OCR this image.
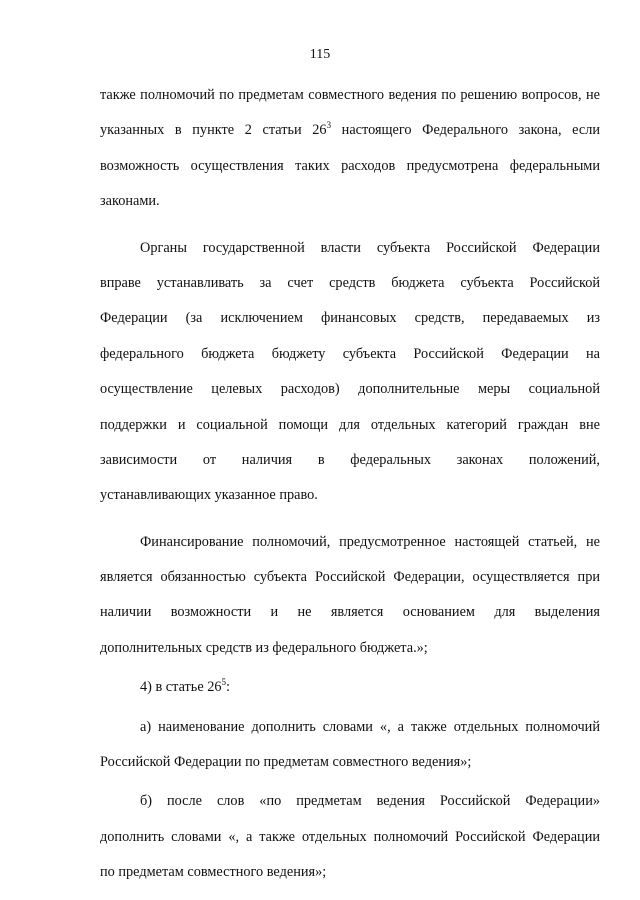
115
также полномочий по предметам совместного ведения по решению вопросов, не
указанных в пункте 2 статьи $26^3$ настоящего Федерального закона, если
возможность осуществления таких расходов предусмотрена федеральными
законами.
Органы государственной власти субъекта Российской Федерации
вправе устанавливать за счет средств бюджета субъекта Российской
Федерации (за исключением финансовых средств, передаваемых из
федерального бюджета бюджету субъекта Российской Федерации на
осуществление целевых расходов) дополнительные меры социальной
поддержки и социальной помощи для отдельных категорий граждан вне
зависимости от наличия в федеральных законах положений,
устанавливающих указанное право.
Финансирование полномочий, предусмотренное настоящей статьей, не
является обязанностью субъекта Российской Федерации, осуществляется при
наличии возможности и не является основанием для выделения
дополнительных средств из федерального бюджета.»;
4) в статье $26^5$:
а) наименование дополнить словами «, а также отдельных полномочий
Российской Федерации по предметам совместного ведения»;
б) после слов «по предметам ведения Российской Федерации»
дополнить словами «, а также отдельных полномочий Российской Федерации
по предметам совместного ведения»;
